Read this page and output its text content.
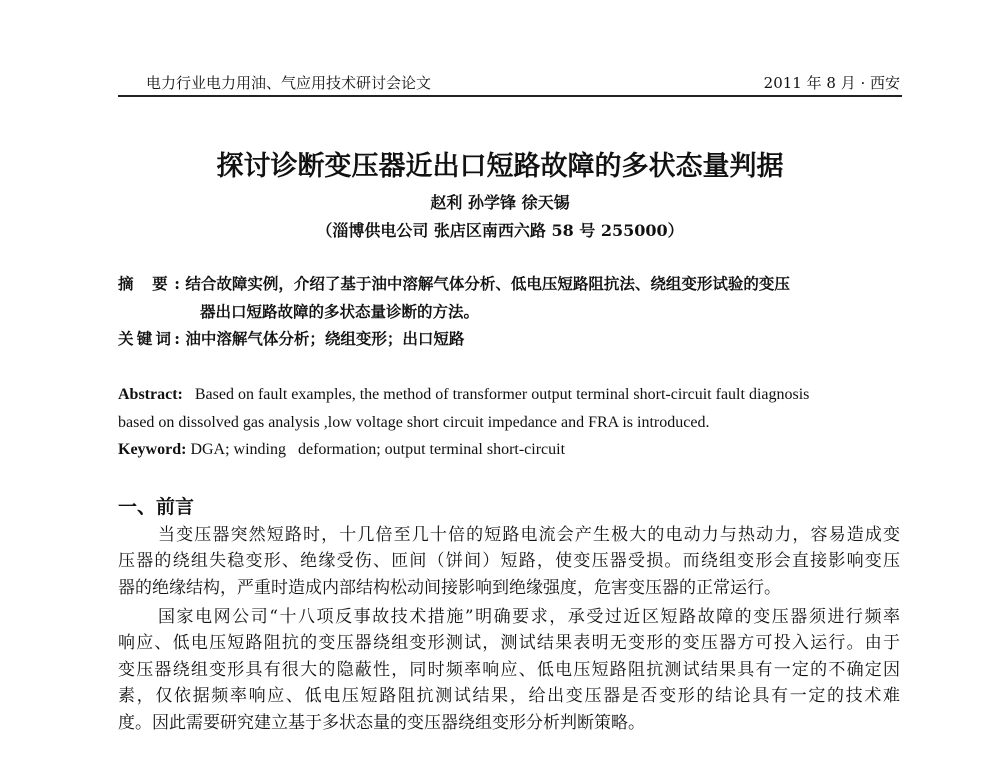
电力行业电力用油、气应用技术研讨会论文	2011 年 8 月 · 西安
探讨诊断变压器近出口短路故障的多状态量判据
赵利 孙学锋 徐天锡
（淄博供电公司 张店区南西六路 58 号 255000）
摘 要: 结合故障实例，介绍了基于油中溶解气体分析、低电压短路阻抗法、绕组变形试验的变压
器出口短路故障的多状态量诊断的方法。
关键词: 油中溶解气体分析；绕组变形；出口短路
Abstract: Based on fault examples, the method of transformer output terminal short-circuit fault diagnosis
based on dissolved gas analysis ,low voltage short circuit impedance and FRA is introduced.
Keyword: DGA; winding   deformation; output terminal short-circuit
一、前言
当变压器突然短路时，十几倍至几十倍的短路电流会产生极大的电动力与热动力，容易造成变
压器的绕组失稳变形、绝缘受伤、匝间（饼间）短路，使变压器受损。而绕组变形会直接影响变压
器的绝缘结构，严重时造成内部结构松动间接影响到绝缘强度，危害变压器的正常运行。
国家电网公司“十八项反事故技术措施”明确要求，承受过近区短路故障的变压器须进行频率
响应、低电压短路阻抗的变压器绕组变形测试，测试结果表明无变形的变压器方可投入运行。由于
变压器绕组变形具有很大的隐蔽性，同时频率响应、低电压短路阻抗测试结果具有一定的不确定因
素，仅依据频率响应、低电压短路阻抗测试结果，给出变压器是否变形的结论具有一定的技术难
度。因此需要研究建立基于多状态量的变压器绕组变形分析判断策略。
